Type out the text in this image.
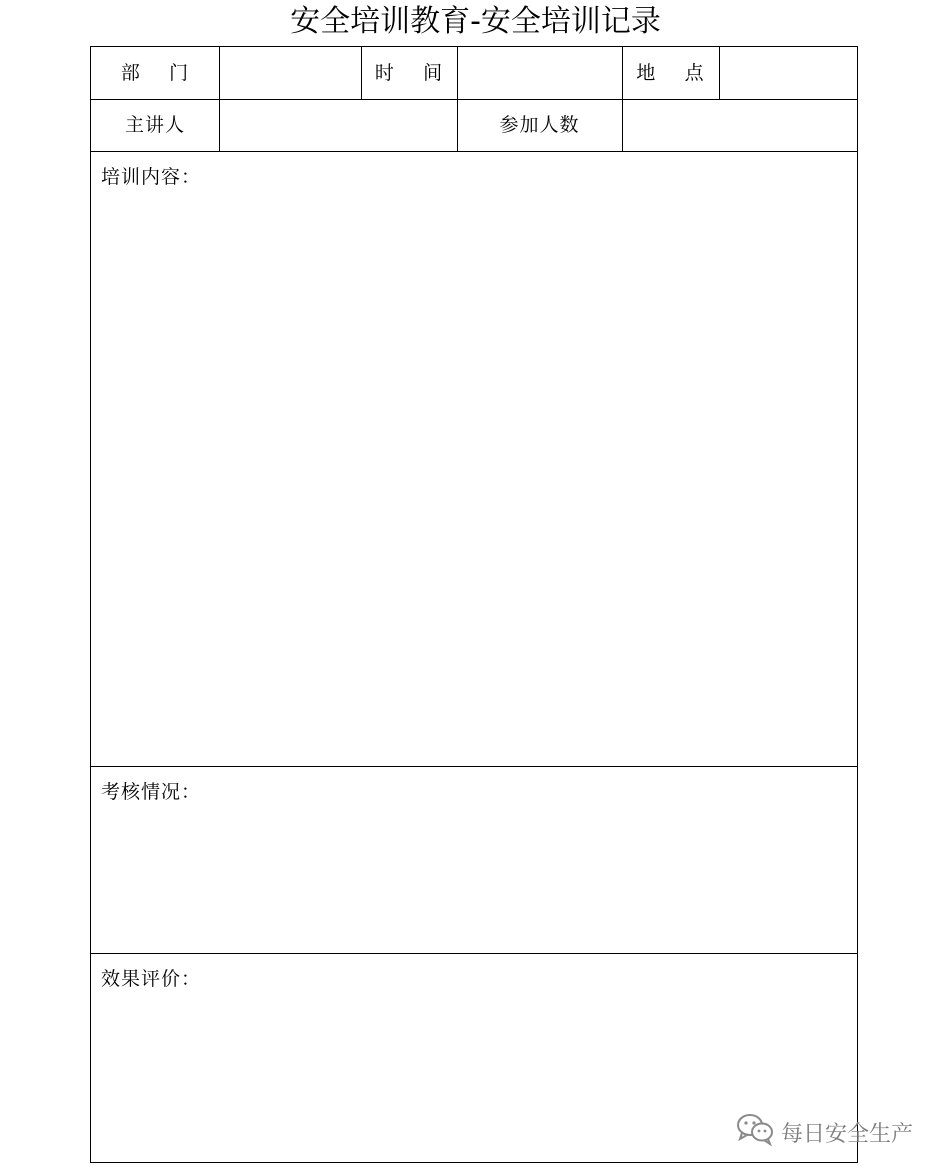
安全培训教育-安全培训记录
部    门	时    间	地    点
主讲人	参加人数
培训内容：
考核情况：
效果评价：
每日安全生产
